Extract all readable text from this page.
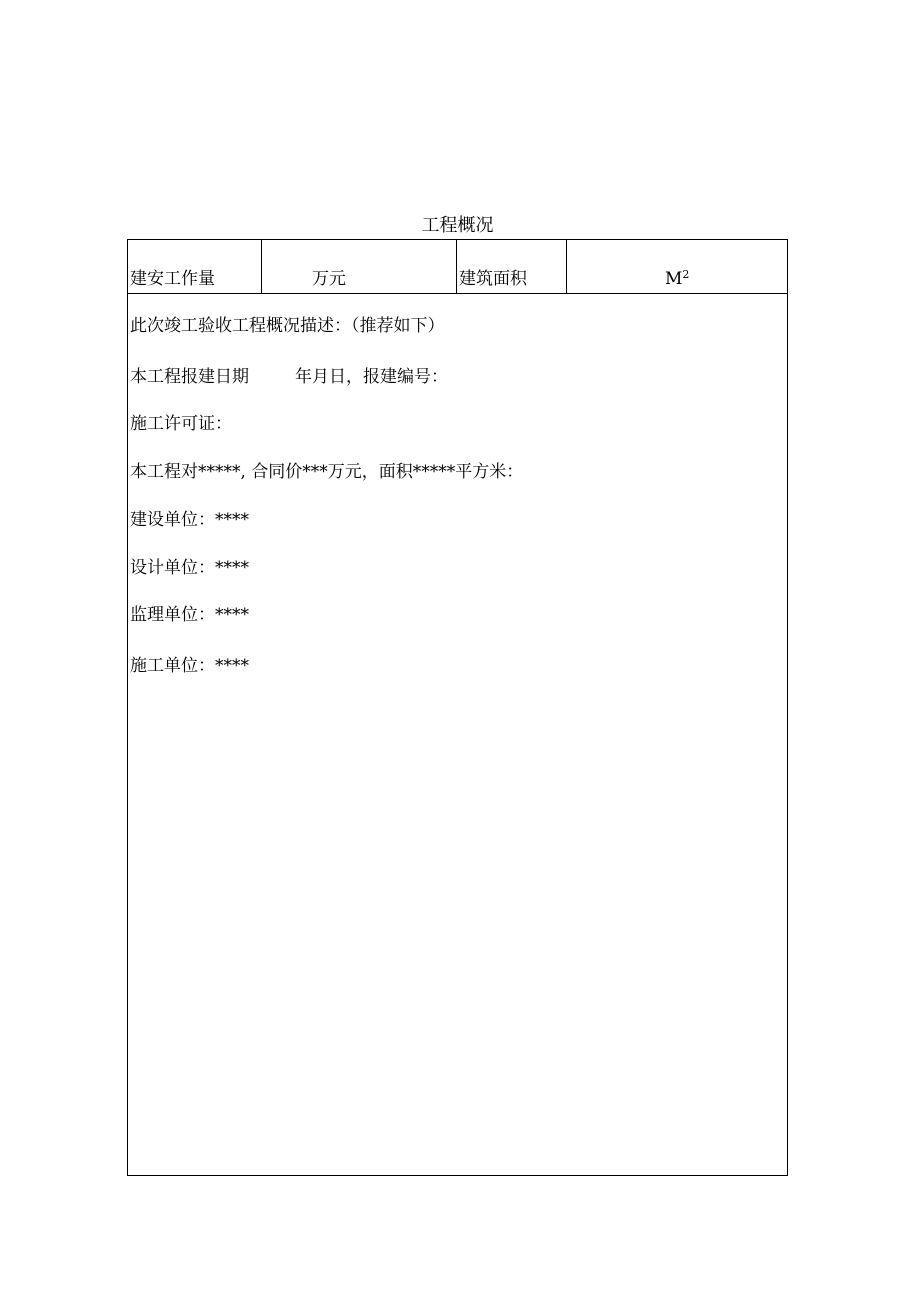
工程概况
建安工作量	万元	建筑面积	$M^2$
此次竣工验收工程概况描述：（推荐如下）
本工程报建日期	年月日，报建编号：
施工许可证：
本工程对*****, 合同价***万元，面积*****平方米：
建设单位：****
设计单位：****
监理单位：****
施工单位：****
